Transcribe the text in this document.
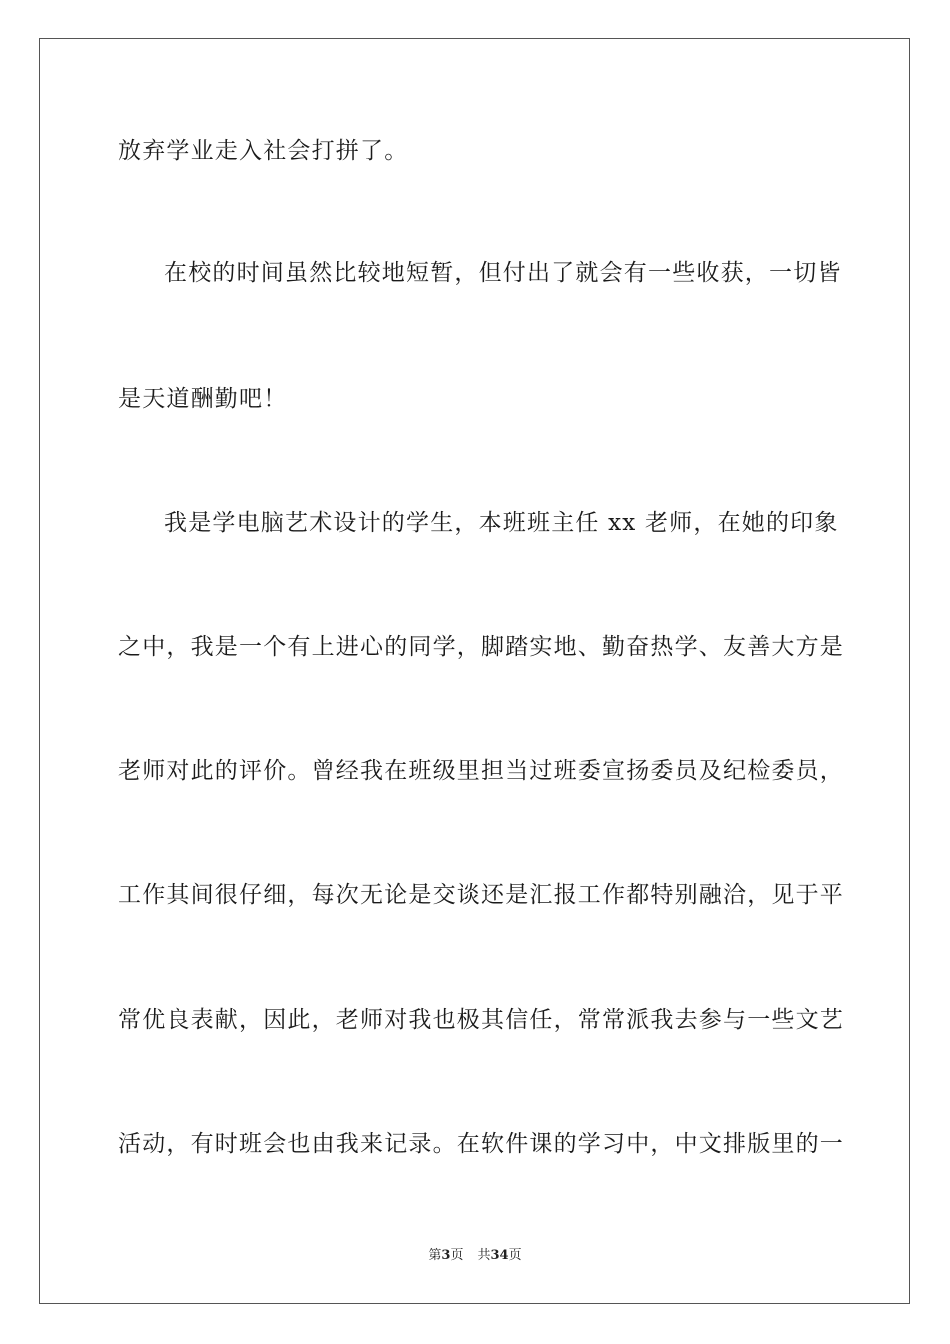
放弃学业走入社会打拼了。
在校的时间虽然比较地短暂，但付出了就会有一些收获，一切皆
是天道酬勤吧！
我是学电脑艺术设计的学生，本班班主任 xx 老师，在她的印象
之中，我是一个有上进心的同学，脚踏实地、勤奋热学、友善大方是
老师对此的评价。曾经我在班级里担当过班委宣扬委员及纪检委员，
工作其间很仔细，每次无论是交谈还是汇报工作都特别融洽，见于平
常优良表献，因此，老师对我也极其信任，常常派我去参与一些文艺
活动，有时班会也由我来记录。在软件课的学习中，中文排版里的一
第3页 共34页
